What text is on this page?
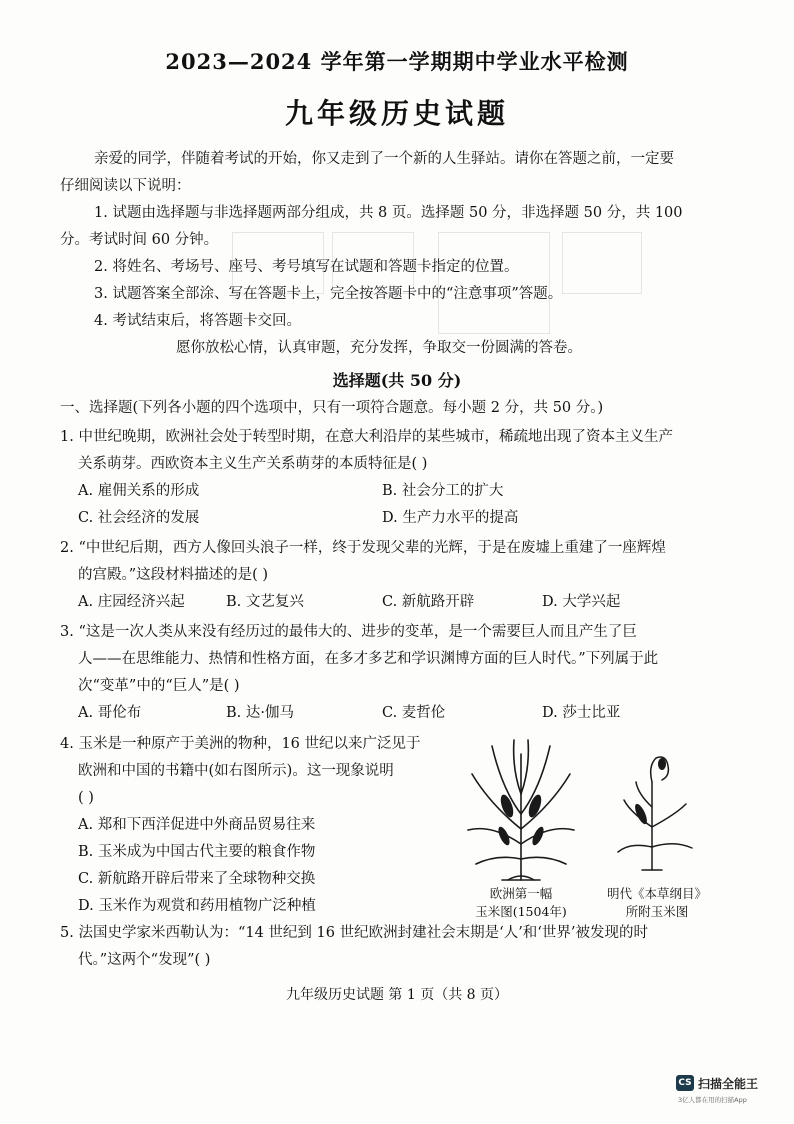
2023—2024 学年第一学期期中学业水平检测
九年级历史试题
亲爱的同学，伴随着考试的开始，你又走到了一个新的人生驿站。请你在答题之前，一定要
仔细阅读以下说明：
1. 试题由选择题与非选择题两部分组成，共 8 页。选择题 50 分，非选择题 50 分，共 100
分。考试时间 60 分钟。
2. 将姓名、考场号、座号、考号填写在试题和答题卡指定的位置。
3. 试题答案全部涂、写在答题卡上，完全按答题卡中的“注意事项”答题。
4. 考试结束后，将答题卡交回。
愿你放松心情，认真审题，充分发挥，争取交一份圆满的答卷。
选择题(共 50 分)
一、选择题(下列各小题的四个选项中，只有一项符合题意。每小题 2 分，共 50 分。)
1. 中世纪晚期，欧洲社会处于转型时期，在意大利沿岸的某些城市，稀疏地出现了资本主义生产
关系萌芽。西欧资本主义生产关系萌芽的本质特征是( )
A. 雇佣关系的形成	B. 社会分工的扩大
C. 社会经济的发展	D. 生产力水平的提高
2. “中世纪后期，西方人像回头浪子一样，终于发现父辈的光辉，于是在废墟上重建了一座辉煌
的宫殿。”这段材料描述的是( )
A. 庄园经济兴起	B. 文艺复兴	C. 新航路开辟	D. 大学兴起
3. “这是一次人类从来没有经历过的最伟大的、进步的变革，是一个需要巨人而且产生了巨
人——在思维能力、热情和性格方面，在多才多艺和学识渊博方面的巨人时代。”下列属于此
次“变革”中的“巨人”是( )
A. 哥伦布	B. 达·伽马	C. 麦哲伦	D. 莎士比亚
4. 玉米是一种原产于美洲的物种，16 世纪以来广泛见于
欧洲和中国的书籍中(如右图所示)。这一现象说明
( )
A. 郑和下西洋促进中外商品贸易往来
B. 玉米成为中国古代主要的粮食作物
C. 新航路开辟后带来了全球物种交换
D. 玉米作为观赏和药用植物广泛种植
欧洲第一幅
玉米图(1504年)
明代《本草纲目》
所附玉米图
5. 法国史学家米西勒认为：“14 世纪到 16 世纪欧洲封建社会末期是‘人’和‘世界’被发现的时
代。”这两个“发现”( )
九年级历史试题 第 1 页（共 8 页）
CS 扫描全能王
3亿人都在用的扫描App
